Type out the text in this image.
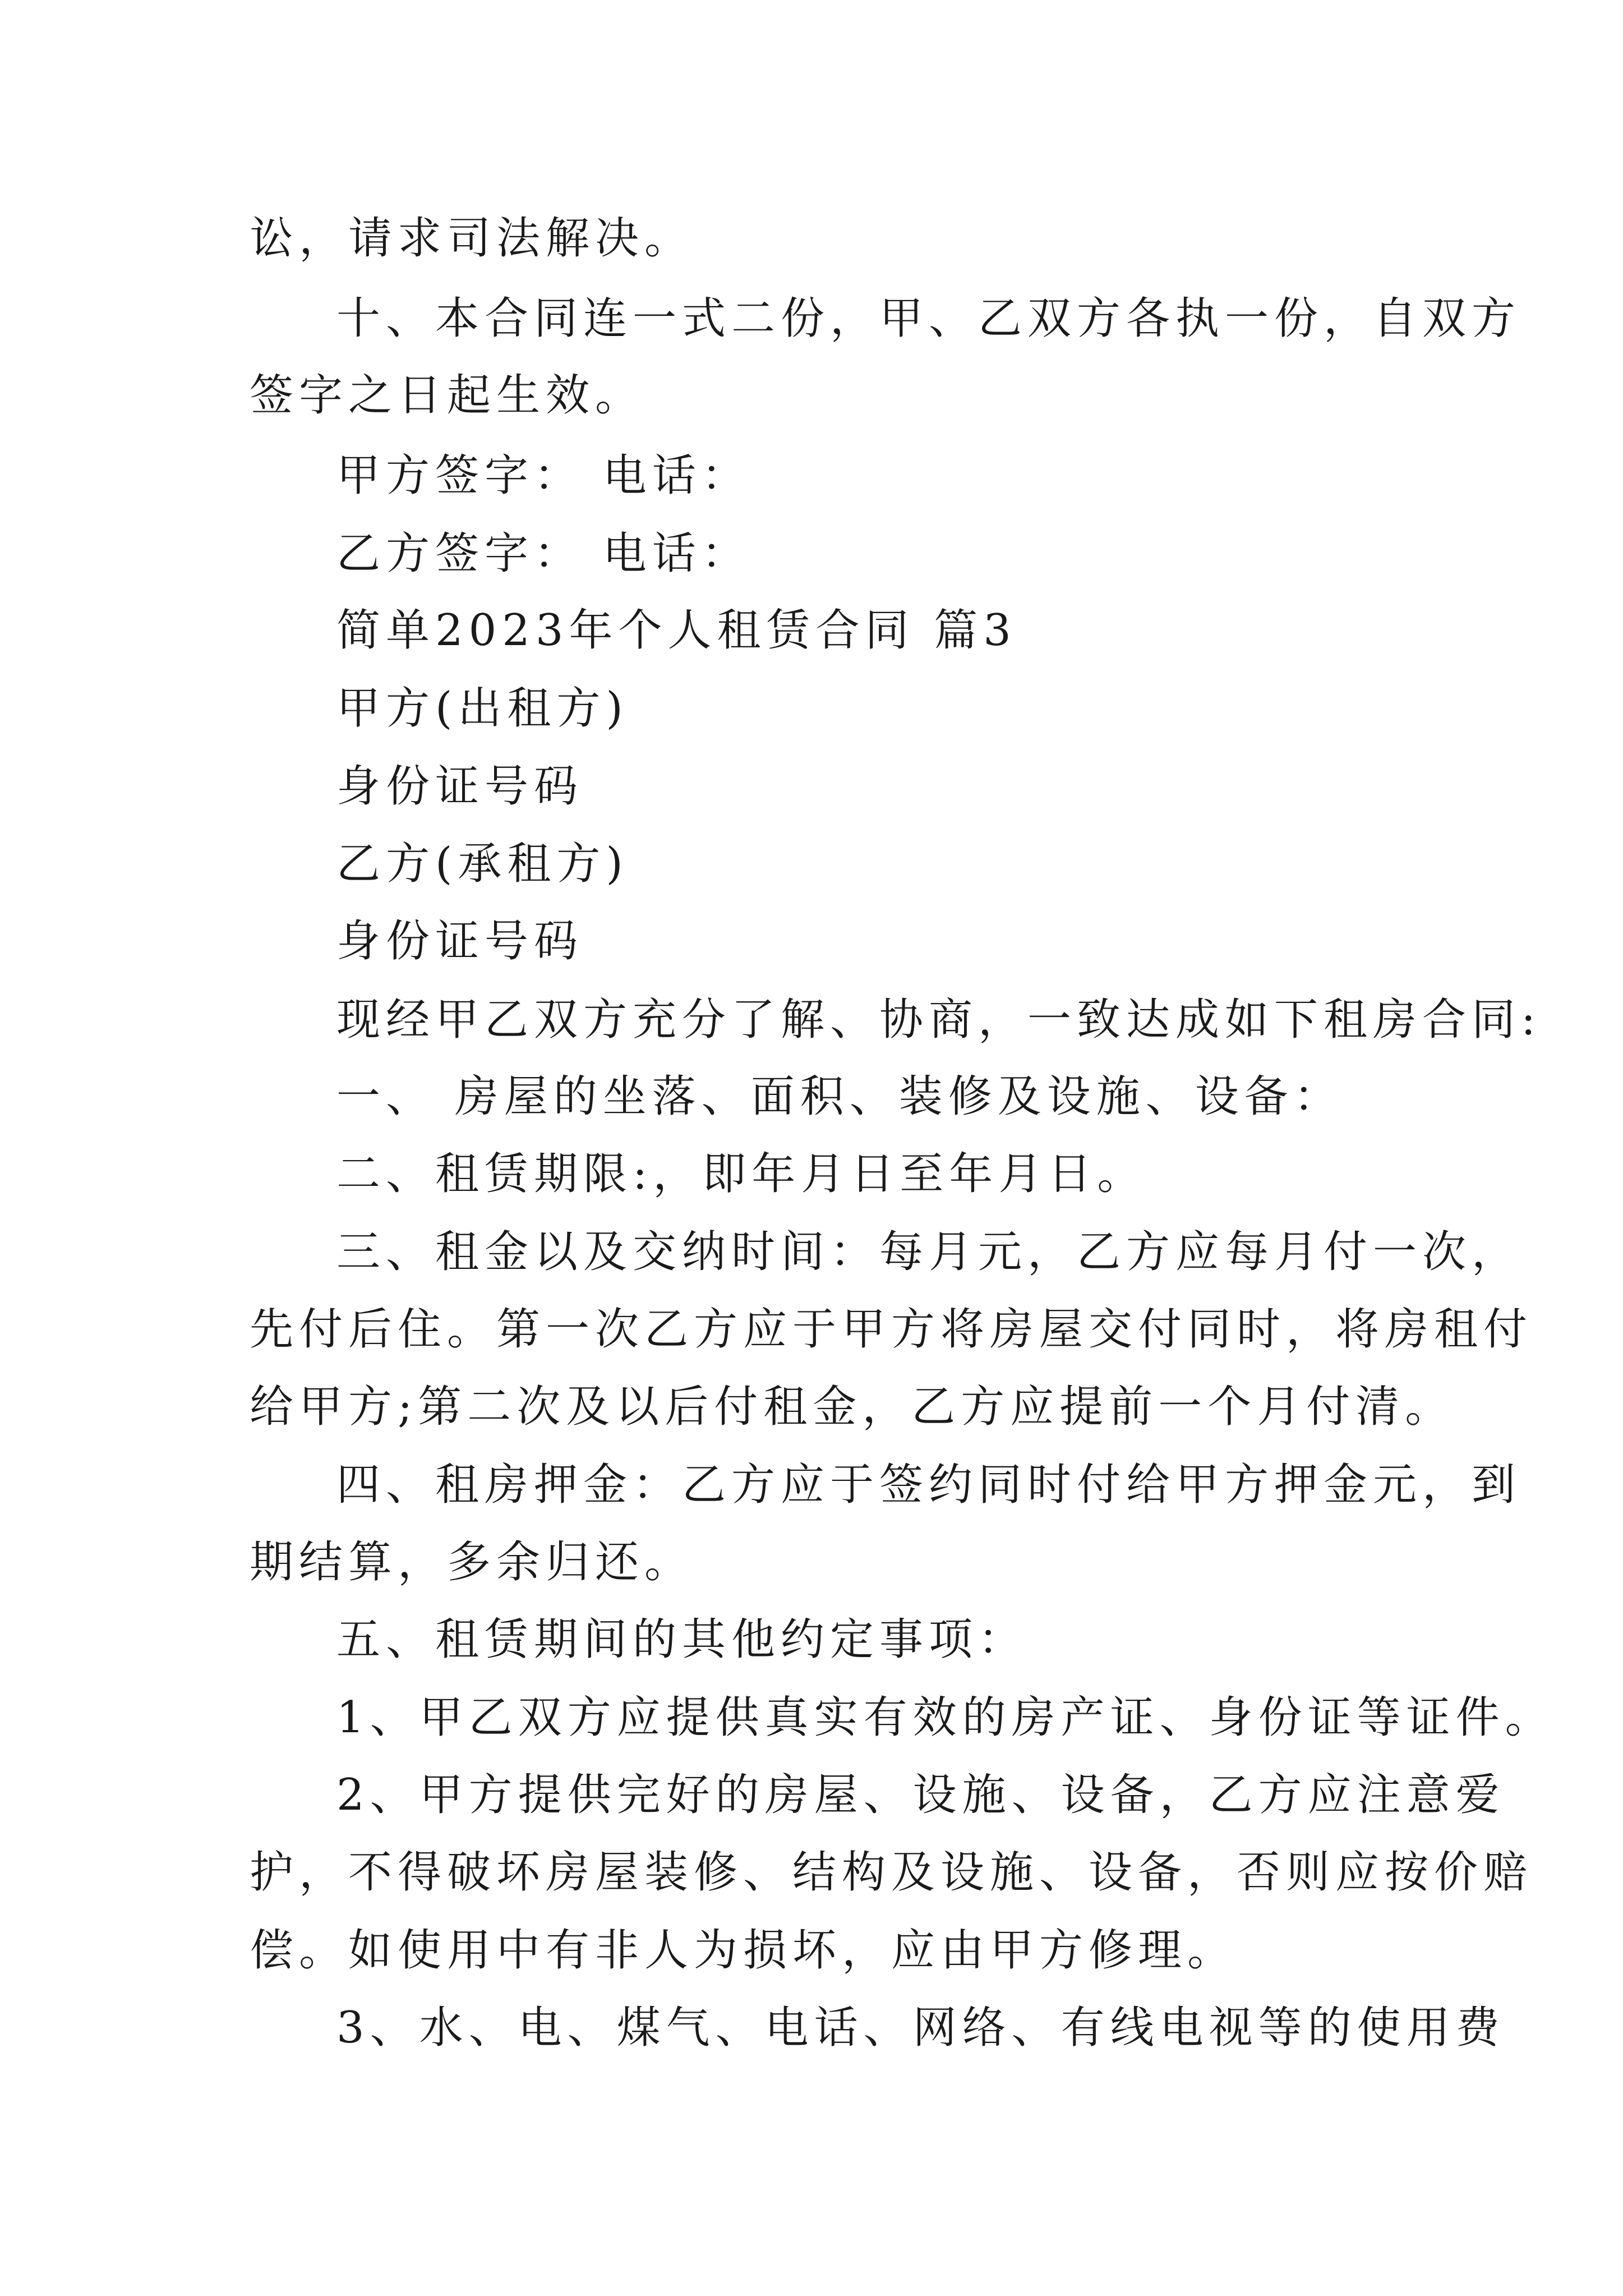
讼，请求司法解决。
十、本合同连一式二份，甲、乙双方各执一份，自双方
签字之日起生效。
甲方签字： 电话：
乙方签字： 电话：
简单2023年个人租赁合同 篇3
甲方(出租方)
身份证号码
乙方(承租方)
身份证号码
现经甲乙双方充分了解、协商，一致达成如下租房合同:
一、 房屋的坐落、面积、装修及设施、设备：
二、租赁期限:，即年月日至年月日。
三、租金以及交纳时间：每月元，乙方应每月付一次，
先付后住。第一次乙方应于甲方将房屋交付同时，将房租付
给甲方;第二次及以后付租金，乙方应提前一个月付清。
四、租房押金：乙方应于签约同时付给甲方押金元，到
期结算，多余归还。
五、租赁期间的其他约定事项：
1、甲乙双方应提供真实有效的房产证、身份证等证件。
2、甲方提供完好的房屋、设施、设备，乙方应注意爱
护，不得破坏房屋装修、结构及设施、设备，否则应按价赔
偿。如使用中有非人为损坏，应由甲方修理。
3、水、电、煤气、电话、网络、有线电视等的使用费
